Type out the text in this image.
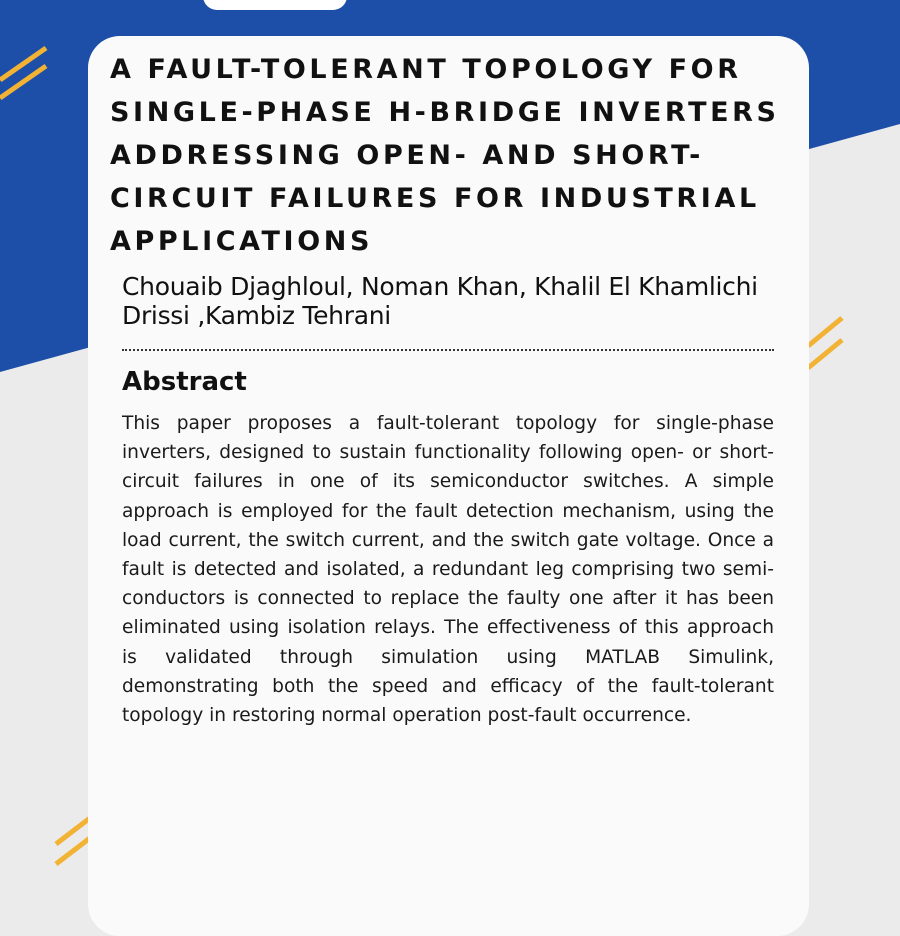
A FAULT-TOLERANT TOPOLOGY FOR SINGLE-PHASE H-BRIDGE INVERTERS ADDRESSING OPEN- AND SHORT-CIRCUIT FAILURES FOR INDUSTRIAL APPLICATIONS

Chouaib Djaghloul, Noman Khan, Khalil El Khamlichi Drissi ,Kambiz Tehrani

Abstract

This paper proposes a fault-tolerant topology for single-phase inverters, designed to sustain functionality following open- or short-circuit failures in one of its semiconductor switches. A simple approach is employed for the fault detection mechanism, using the load current, the switch current, and the switch gate voltage. Once a fault is detected and isolated, a redundant leg comprising two semi-conductors is connected to replace the faulty one after it has been eliminated using isolation relays. The effectiveness of this approach is validated through simulation using MATLAB Simulink, demonstrating both the speed and efficacy of the fault-tolerant topology in restoring normal operation post-fault occurrence.
